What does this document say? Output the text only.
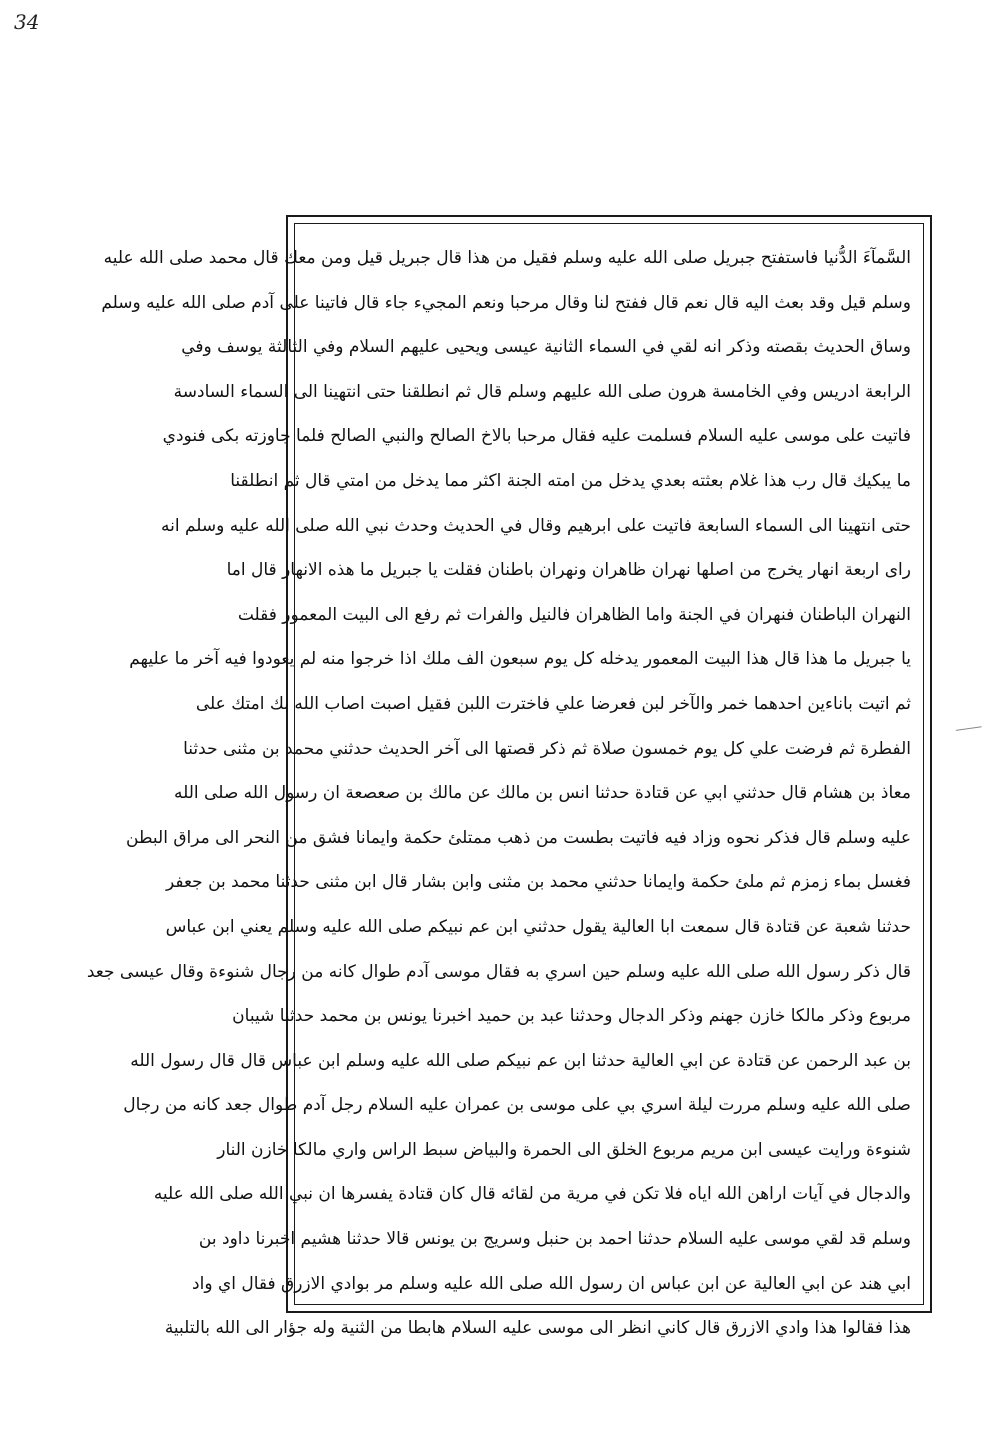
34
السَّمآءَ الدُّنيا فاستفتح جبريل صلى الله عليه وسلم فقيل من هذا قال جبريل قيل ومن معك قال محمد صلى الله عليه
وسلم قيل وقد بعث اليه قال نعم قال ففتح لنا وقال مرحبا ونعم المجيء جاء قال فاتينا على آدم صلى الله عليه وسلم
وساق الحديث بقصته وذكر انه لقي في السماء الثانية عيسى ويحيى عليهم السلام وفي الثالثة يوسف وفي
الرابعة ادريس وفي الخامسة هرون صلى الله عليهم وسلم قال ثم انطلقنا حتى انتهينا الى السماء السادسة
فاتيت على موسى عليه السلام فسلمت عليه فقال مرحبا بالاخ الصالح والنبي الصالح فلما جاوزته بكى فنودي
ما يبكيك قال رب هذا غلام بعثته بعدي يدخل من امته الجنة اكثر مما يدخل من امتي قال ثم انطلقنا
حتى انتهينا الى السماء السابعة فاتيت على ابرهيم وقال في الحديث وحدث نبي الله صلى الله عليه وسلم انه
راى اربعة انهار يخرج من اصلها نهران ظاهران ونهران باطنان فقلت يا جبريل ما هذه الانهار قال اما
النهران الباطنان فنهران في الجنة واما الظاهران فالنيل والفرات ثم رفع الى البيت المعمور فقلت
يا جبريل ما هذا قال هذا البيت المعمور يدخله كل يوم سبعون الف ملك اذا خرجوا منه لم يعودوا فيه آخر ما عليهم
ثم اتيت باناءين احدهما خمر والآخر لبن فعرضا علي فاخترت اللبن فقيل اصبت اصاب الله بك امتك على
الفطرة ثم فرضت علي كل يوم خمسون صلاة ثم ذكر قصتها الى آخر الحديث حدثني محمد بن مثنى حدثنا
معاذ بن هشام قال حدثني ابي عن قتادة حدثنا انس بن مالك عن مالك بن صعصعة ان رسول الله صلى الله
عليه وسلم قال فذكر نحوه وزاد فيه فاتيت بطست من ذهب ممتلئ حكمة وايمانا فشق من النحر الى مراق البطن
فغسل بماء زمزم ثم ملئ حكمة وايمانا حدثني محمد بن مثنى وابن بشار قال ابن مثنى حدثنا محمد بن جعفر
حدثنا شعبة عن قتادة قال سمعت ابا العالية يقول حدثني ابن عم نبيكم صلى الله عليه وسلم يعني ابن عباس
قال ذكر رسول الله صلى الله عليه وسلم حين اسري به فقال موسى آدم طوال كانه من رجال شنوءة وقال عيسى جعد
مربوع وذكر مالكا خازن جهنم وذكر الدجال وحدثنا عبد بن حميد اخبرنا يونس بن محمد حدثنا شيبان
بن عبد الرحمن عن قتادة عن ابي العالية حدثنا ابن عم نبيكم صلى الله عليه وسلم ابن عباس قال قال رسول الله
صلى الله عليه وسلم مررت ليلة اسري بي على موسى بن عمران عليه السلام رجل آدم طوال جعد كانه من رجال
شنوءة ورايت عيسى ابن مريم مربوع الخلق الى الحمرة والبياض سبط الراس واري مالكا خازن النار
والدجال في آيات اراهن الله اياه فلا تكن في مرية من لقائه قال كان قتادة يفسرها ان نبي الله صلى الله عليه
وسلم قد لقي موسى عليه السلام حدثنا احمد بن حنبل وسريج بن يونس قالا حدثنا هشيم اخبرنا داود بن
ابي هند عن ابي العالية عن ابن عباس ان رسول الله صلى الله عليه وسلم مر بوادي الازرق فقال اي واد
هذا فقالوا هذا وادي الازرق قال كاني انظر الى موسى عليه السلام هابطا من الثنية وله جؤار الى الله بالتلبية
